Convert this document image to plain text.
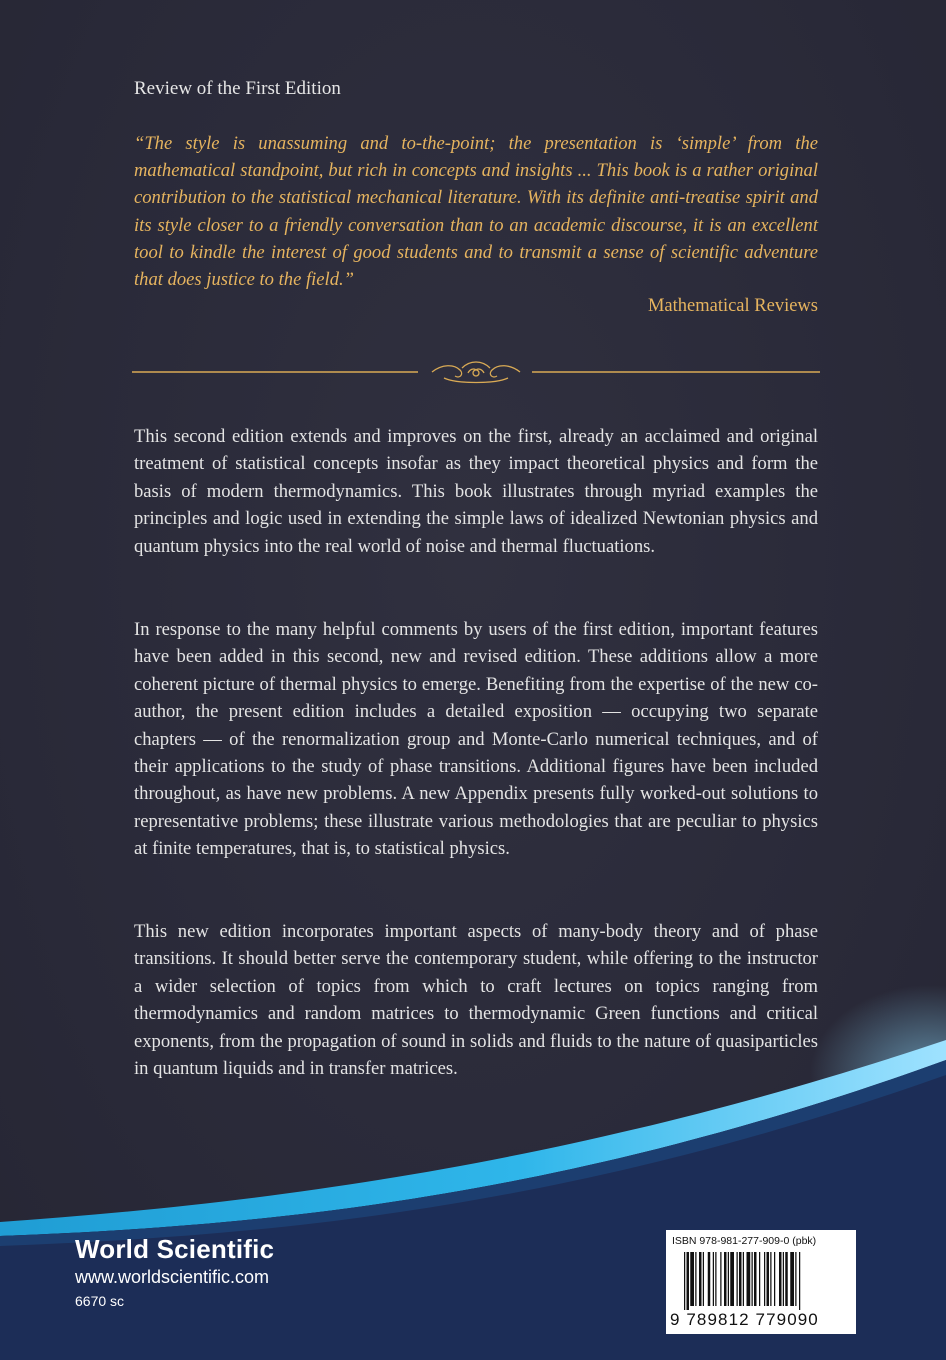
Review of the First Edition

“The style is unassuming and to-the-point; the presentation is ‘simple’ from the mathematical standpoint, but rich in concepts and insights ... This book is a rather original contribution to the statistical mechanical literature. With its definite anti-treatise spirit and its style closer to a friendly conversation than to an academic discourse, it is an excellent tool to kindle the interest of good students and to transmit a sense of scientific adventure that does justice to the field.”

Mathematical Reviews

This second edition extends and improves on the first, already an acclaimed and original treatment of statistical concepts insofar as they impact theoretical physics and form the basis of modern thermodynamics. This book illustrates through myriad examples the principles and logic used in extending the simple laws of idealized Newtonian physics and quantum physics into the real world of noise and thermal fluctuations.

In response to the many helpful comments by users of the first edition, important features have been added in this second, new and revised edition. These additions allow a more coherent picture of thermal physics to emerge. Benefiting from the expertise of the new co-author, the present edition includes a detailed exposition — occupying two separate chapters — of the renormalization group and Monte-Carlo numerical techniques, and of their applications to the study of phase transitions. Additional figures have been included throughout, as have new problems. A new Appendix presents fully worked-out solutions to representative problems; these illustrate various methodologies that are peculiar to physics at finite temperatures, that is, to statistical physics.

This new edition incorporates important aspects of many-body theory and of phase transitions. It should better serve the contemporary student, while offering to the instructor a wider selection of topics from which to craft lectures on topics ranging from thermodynamics and random matrices to thermodynamic Green functions and critical exponents, from the propagation of sound in solids and fluids to the nature of quasiparticles in quantum liquids and in transfer matrices.

World Scientific
www.worldscientific.com
6670 sc
ISBN 978-981-277-909-0 (pbk)
9 789812 779090
